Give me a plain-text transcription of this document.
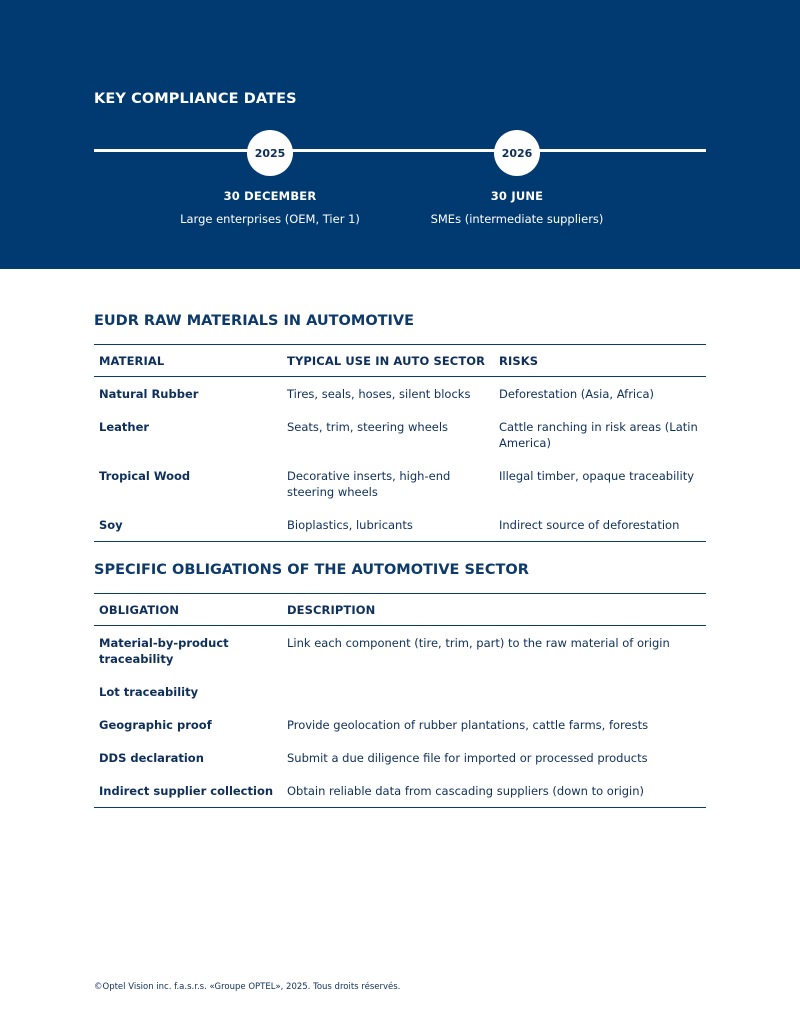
KEY COMPLIANCE DATES
2025	2026
30 DECEMBER
Large enterprises (OEM, Tier 1)
30 JUNE
SMEs (intermediate suppliers)
EUDR RAW MATERIALS IN AUTOMOTIVE
MATERIAL	TYPICAL USE IN AUTO SECTOR	RISKS
Natural Rubber	Tires, seals, hoses, silent blocks	Deforestation (Asia, Africa)
Leather	Seats, trim, steering wheels	Cattle ranching in risk areas (Latin America)
Tropical Wood	Decorative inserts, high-end steering wheels	Illegal timber, opaque traceability
Soy	Bioplastics, lubricants	Indirect source of deforestation
SPECIFIC OBLIGATIONS OF THE AUTOMOTIVE SECTOR
OBLIGATION	DESCRIPTION
Material-by-product traceability	Link each component (tire, trim, part) to the raw material of origin
Lot traceability	
Geographic proof	Provide geolocation of rubber plantations, cattle farms, forests
DDS declaration	Submit a due diligence file for imported or processed products
Indirect supplier collection	Obtain reliable data from cascading suppliers (down to origin)
©Optel Vision inc. f.a.s.r.s. «Groupe OPTEL», 2025. Tous droits réservés.
